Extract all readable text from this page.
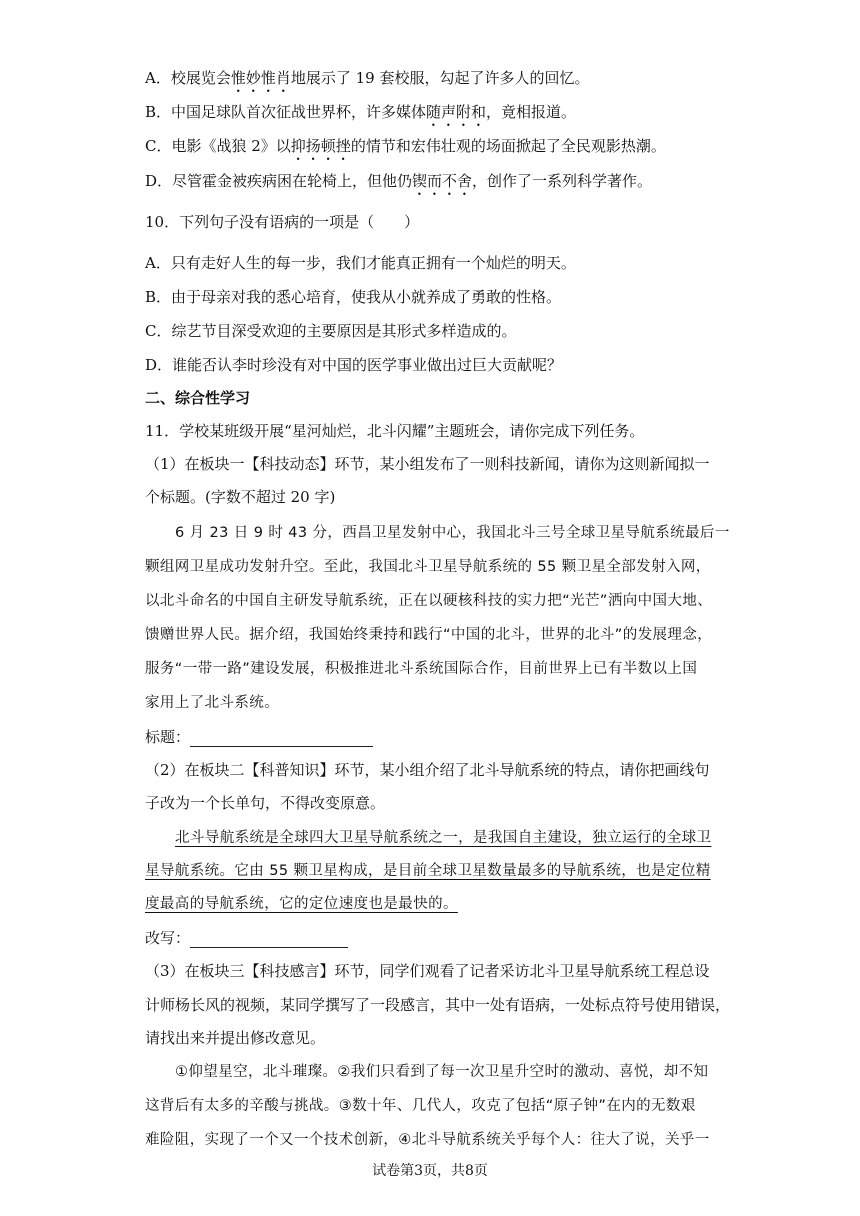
A．校展览会惟妙惟肖地展示了 19 套校服，勾起了许多人的回忆。
B．中国足球队首次征战世界杯，许多媒体随声附和，竟相报道。
C．电影《战狼 2》以抑扬顿挫的情节和宏伟壮观的场面掀起了全民观影热潮。
D．尽管霍金被疾病困在轮椅上，但他仍锲而不舍，创作了一系列科学著作。
10．下列句子没有语病的一项是（　　）
A．只有走好人生的每一步，我们才能真正拥有一个灿烂的明天。
B．由于母亲对我的悉心培育，使我从小就养成了勇敢的性格。
C．综艺节目深受欢迎的主要原因是其形式多样造成的。
D．谁能否认李时珍没有对中国的医学事业做出过巨大贡献呢？
二、综合性学习
11．学校某班级开展“星河灿烂，北斗闪耀”主题班会，请你完成下列任务。
（1）在板块一【科技动态】环节，某小组发布了一则科技新闻，请你为这则新闻拟一
个标题。(字数不超过 20 字)
6 月 23 日 9 时 43 分，西昌卫星发射中心，我国北斗三号全球卫星导航系统最后一
颗组网卫星成功发射升空。至此，我国北斗卫星导航系统的 55 颗卫星全部发射入网，
以北斗命名的中国自主研发导航系统，正在以硬核科技的实力把“光芒”洒向中国大地、
馈赠世界人民。据介绍，我国始终秉持和践行“中国的北斗，世界的北斗”的发展理念，
服务“一带一路”建设发展，积极推进北斗系统国际合作，目前世界上已有半数以上国
家用上了北斗系统。
标题：
（2）在板块二【科普知识】环节，某小组介绍了北斗导航系统的特点，请你把画线句
子改为一个长单句，不得改变原意。
北斗导航系统是全球四大卫星导航系统之一，是我国自主建设，独立运行的全球卫
星导航系统。它由 55 颗卫星构成，是目前全球卫星数量最多的导航系统，也是定位精
度最高的导航系统，它的定位速度也是最快的。
改写：
（3）在板块三【科技感言】环节，同学们观看了记者采访北斗卫星导航系统工程总设
计师杨长风的视频，某同学撰写了一段感言，其中一处有语病，一处标点符号使用错误，
请找出来并提出修改意见。
①仰望星空，北斗璀璨。②我们只看到了每一次卫星升空时的激动、喜悦，却不知
这背后有太多的辛酸与挑战。③数十年、几代人，攻克了包括“原子钟”在内的无数艰
难险阻，实现了一个又一个技术创新，④北斗导航系统关乎每个人：往大了说，关乎一
试卷第3页，共8页
